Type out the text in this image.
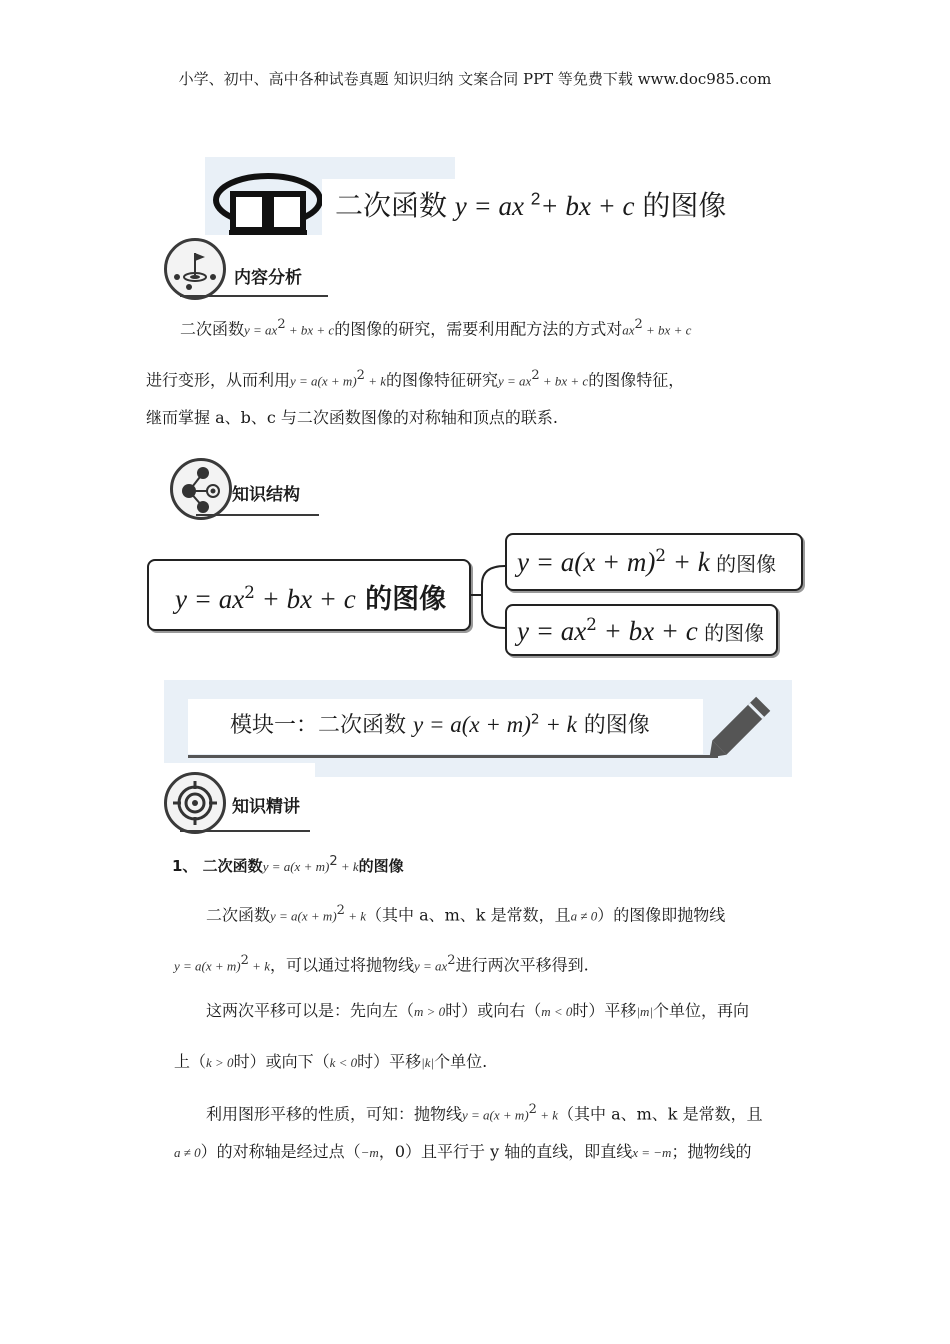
小学、初中、高中各种试卷真题 知识归纳 文案合同 PPT 等免费下载 www.doc985.com
二次函数 y = ax $^2$+ bx + c 的图像
内容分析
二次函数$y = ax^2$ + bx + c的图像的研究，需要利用配方法的方式对$ax^2$ + bx + c
进行变形，从而利用$y = a(x + m)^2 + k$的图像特征研究$y = ax^2$ + bx + c的图像特征，
继而掌握 a、b、c 与二次函数图像的对称轴和顶点的联系.
知识结构
$y = ax^2$ + bx + c 的图像
$y = a(x + m)^2 + k$ 的图像
$y = ax^2$ + bx + c 的图像
模块一：二次函数 $y = a(x + m)^2 + k$ 的图像
知识精讲
1、 二次函数y = a(x + m)2 + k的图像
二次函数$y = a(x + m)^2 + k$（其中 a、m、k 是常数，且a ≠ 0）的图像即抛物线
$y = a(x + m)^2 + k$，可以通过将抛物线$y = ax^2$进行两次平移得到.
这两次平移可以是：先向左（m > 0时）或向右（m < 0时）平移|m|个单位，再向
上（k > 0时）或向下（k < 0时）平移|k|个单位.
利用图形平移的性质，可知：抛物线$y = a(x + m)^2 + k$（其中 a、m、k 是常数，且
a ≠ 0）的对称轴是经过点（−m，0）且平行于 y 轴的直线，即直线x = −m；抛物线的
